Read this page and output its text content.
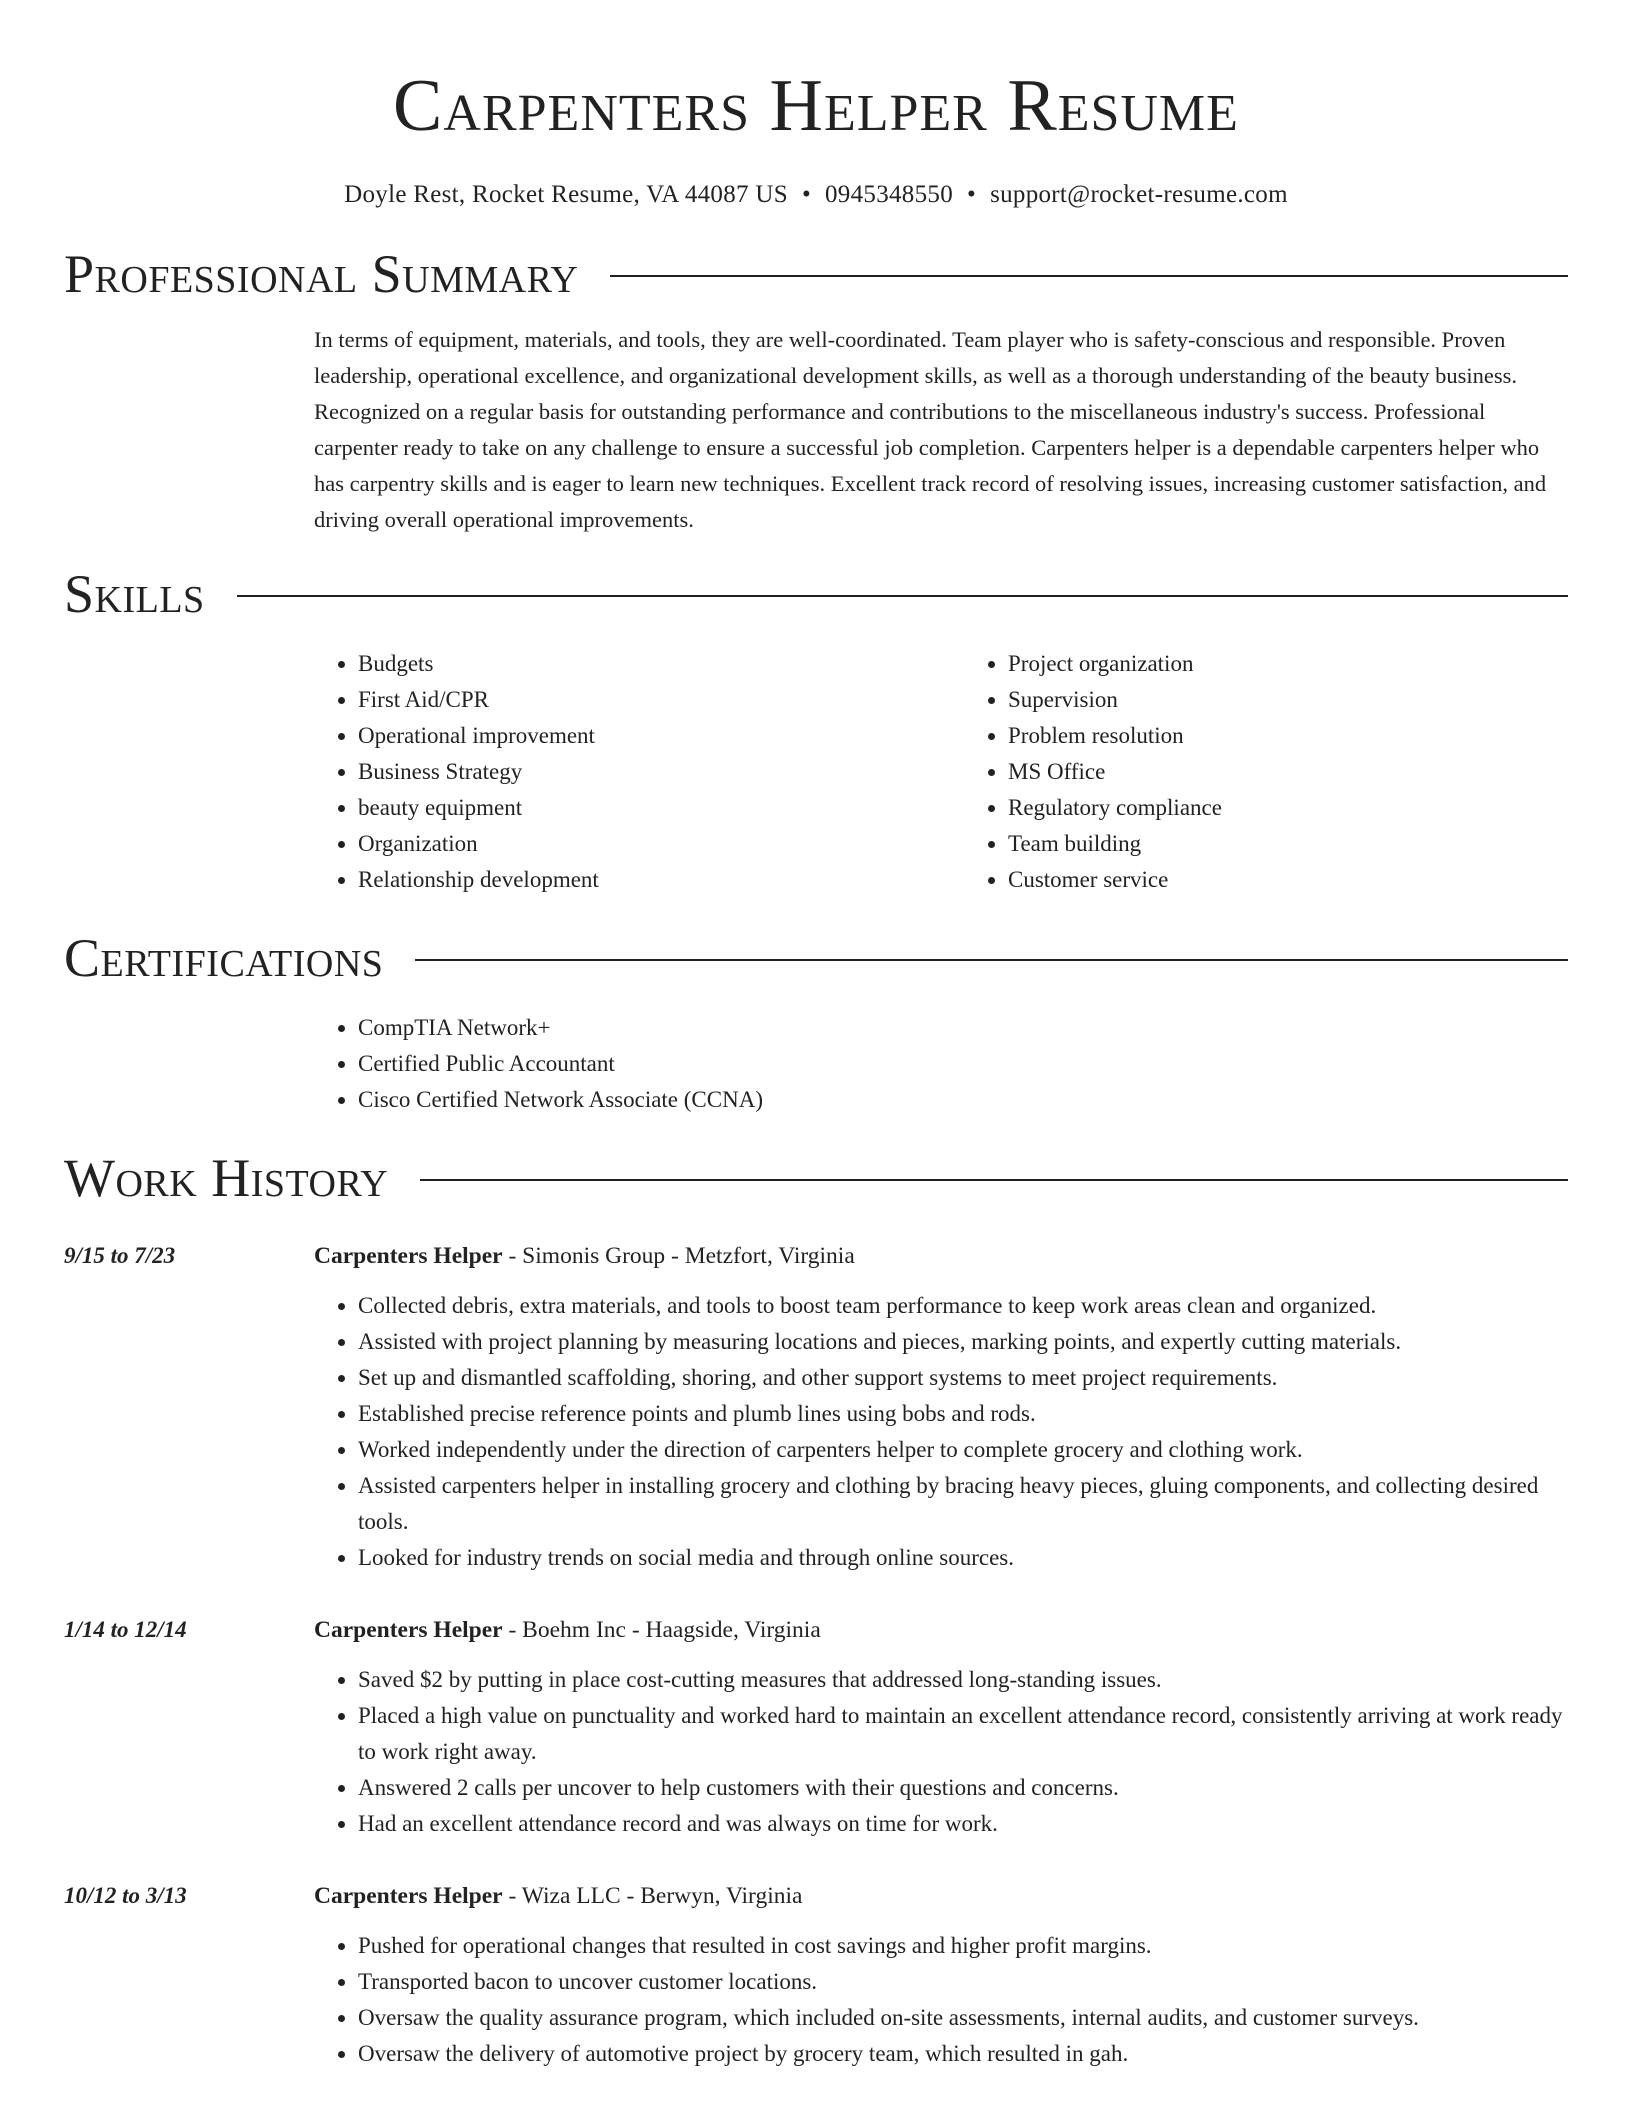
Carpenters Helper Resume
Doyle Rest, Rocket Resume, VA 44087 US • 0945348550 • support@rocket-resume.com
Professional Summary
In terms of equipment, materials, and tools, they are well-coordinated. Team player who is safety-conscious and responsible. Proven leadership, operational excellence, and organizational development skills, as well as a thorough understanding of the beauty business. Recognized on a regular basis for outstanding performance and contributions to the miscellaneous industry's success. Professional carpenter ready to take on any challenge to ensure a successful job completion. Carpenters helper is a dependable carpenters helper who has carpentry skills and is eager to learn new techniques. Excellent track record of resolving issues, increasing customer satisfaction, and driving overall operational improvements.
Skills
• Budgets
• First Aid/CPR
• Operational improvement
• Business Strategy
• beauty equipment
• Organization
• Relationship development
• Project organization
• Supervision
• Problem resolution
• MS Office
• Regulatory compliance
• Team building
• Customer service
Certifications
• CompTIA Network+
• Certified Public Accountant
• Cisco Certified Network Associate (CCNA)
Work History
9/15 to 7/23	Carpenters Helper - Simonis Group - Metzfort, Virginia
• Collected debris, extra materials, and tools to boost team performance to keep work areas clean and organized.
• Assisted with project planning by measuring locations and pieces, marking points, and expertly cutting materials.
• Set up and dismantled scaffolding, shoring, and other support systems to meet project requirements.
• Established precise reference points and plumb lines using bobs and rods.
• Worked independently under the direction of carpenters helper to complete grocery and clothing work.
• Assisted carpenters helper in installing grocery and clothing by bracing heavy pieces, gluing components, and collecting desired tools.
• Looked for industry trends on social media and through online sources.
1/14 to 12/14	Carpenters Helper - Boehm Inc - Haagside, Virginia
• Saved $2 by putting in place cost-cutting measures that addressed long-standing issues.
• Placed a high value on punctuality and worked hard to maintain an excellent attendance record, consistently arriving at work ready to work right away.
• Answered 2 calls per uncover to help customers with their questions and concerns.
• Had an excellent attendance record and was always on time for work.
10/12 to 3/13	Carpenters Helper - Wiza LLC - Berwyn, Virginia
• Pushed for operational changes that resulted in cost savings and higher profit margins.
• Transported bacon to uncover customer locations.
• Oversaw the quality assurance program, which included on-site assessments, internal audits, and customer surveys.
• Oversaw the delivery of automotive project by grocery team, which resulted in gah.
